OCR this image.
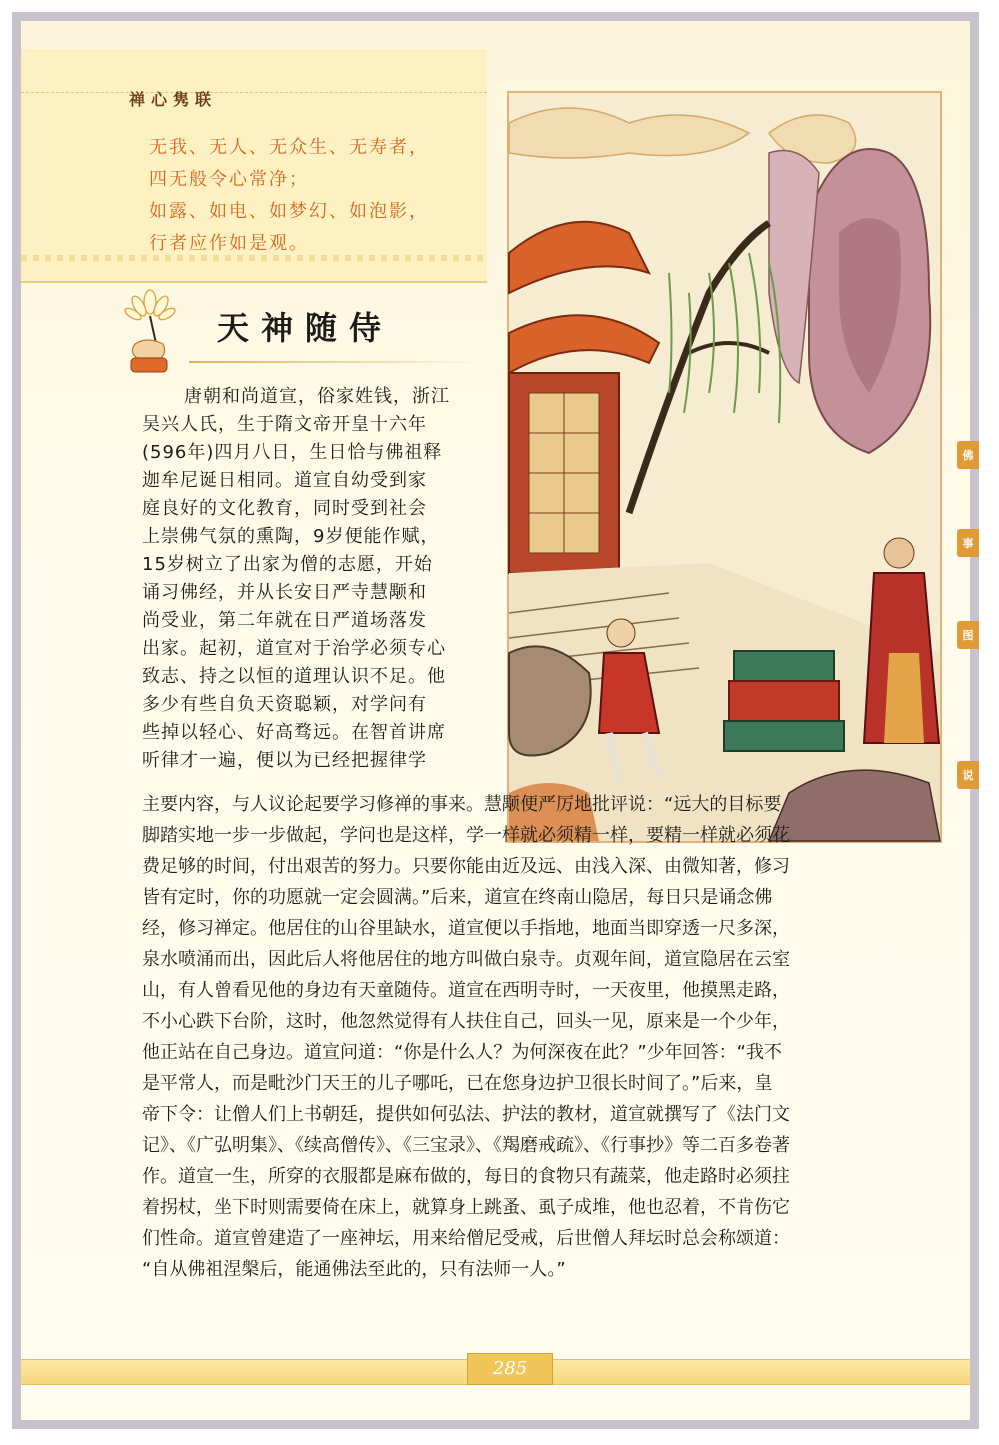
禅心隽联
无我、无人、无众生、无寿者，
四无般令心常净；
如露、如电、如梦幻、如泡影，
行者应作如是观。
天神随侍
佛
事
图
说
唐朝和尚道宣，俗家姓钱，浙江
吴兴人氏，生于隋文帝开皇十六年
(596年)四月八日，生日恰与佛祖释
迦牟尼诞日相同。道宣自幼受到家
庭良好的文化教育，同时受到社会
上崇佛气氛的熏陶，9岁便能作赋，
15岁树立了出家为僧的志愿，开始
诵习佛经，并从长安日严寺慧颙和
尚受业，第二年就在日严道场落发
出家。起初，道宣对于治学必须专心
致志、持之以恒的道理认识不足。他
多少有些自负天资聪颖，对学问有
些掉以轻心、好高骛远。在智首讲席
听律才一遍，便以为已经把握律学
主要内容，与人议论起要学习修禅的事来。慧颙便严厉地批评说：“远大的目标要
脚踏实地一步一步做起，学问也是这样，学一样就必须精一样，要精一样就必须花
费足够的时间，付出艰苦的努力。只要你能由近及远、由浅入深、由微知著，修习
皆有定时，你的功愿就一定会圆满。”后来，道宣在终南山隐居，每日只是诵念佛
经，修习禅定。他居住的山谷里缺水，道宣便以手指地，地面当即穿透一尺多深，
泉水喷涌而出，因此后人将他居住的地方叫做白泉寺。贞观年间，道宣隐居在云室
山，有人曾看见他的身边有天童随侍。道宣在西明寺时，一天夜里，他摸黑走路，
不小心跌下台阶，这时，他忽然觉得有人扶住自己，回头一见，原来是一个少年，
他正站在自己身边。道宣问道：“你是什么人？为何深夜在此？”少年回答：“我不
是平常人，而是毗沙门天王的儿子哪吒，已在您身边护卫很长时间了。”后来，皇
帝下令：让僧人们上书朝廷，提供如何弘法、护法的教材，道宣就撰写了《法门文
记》、《广弘明集》、《续高僧传》、《三宝录》、《羯磨戒疏》、《行事抄》等二百多卷著
作。道宣一生，所穿的衣服都是麻布做的，每日的食物只有蔬菜，他走路时必须拄
着拐杖，坐下时则需要倚在床上，就算身上跳蚤、虱子成堆，他也忍着，不肯伤它
们性命。道宣曾建造了一座神坛，用来给僧尼受戒，后世僧人拜坛时总会称颂道：
“自从佛祖涅槃后，能通佛法至此的，只有法师一人。”
285
